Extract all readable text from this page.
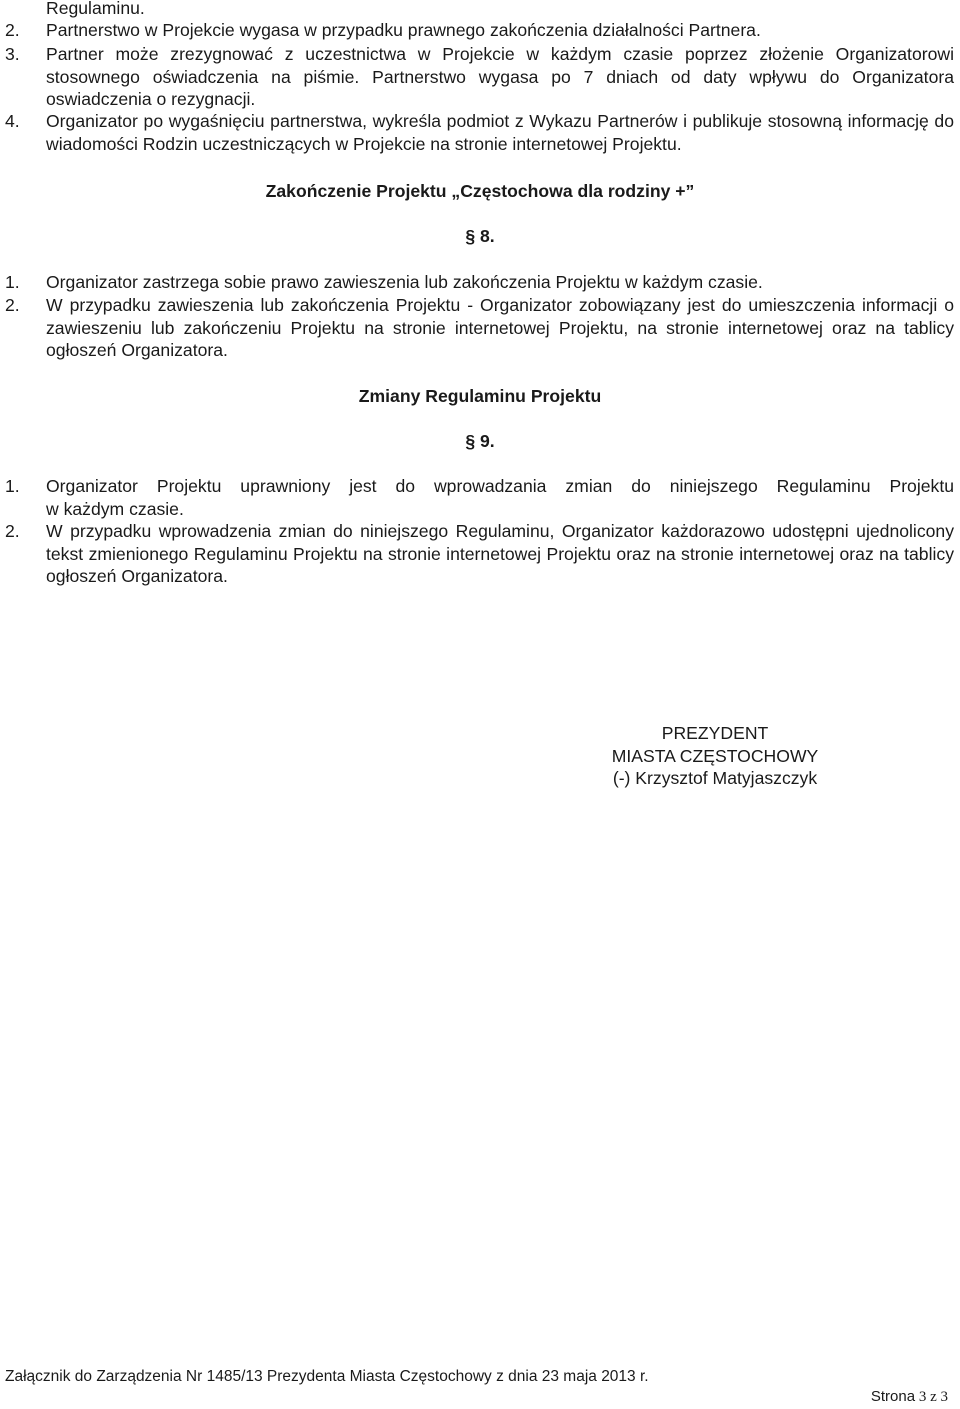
Regulaminu.
2. Partnerstwo w Projekcie wygasa w przypadku prawnego zakończenia działalności Partnera.
3. Partner może zrezygnować z uczestnictwa w Projekcie w każdym czasie poprzez złożenie Organizatorowi stosownego oświadczenia na piśmie. Partnerstwo wygasa po 7 dniach od daty wpływu do Organizatora oswiadczenia o rezygnacji.
4. Organizator po wygaśnięciu partnerstwa, wykreśla podmiot z Wykazu Partnerów i publikuje stosowną informację do wiadomości Rodzin uczestniczących w Projekcie na stronie internetowej Projektu.
Zakończenie Projektu „Częstochowa dla rodziny +”
§ 8.
1. Organizator zastrzega sobie prawo zawieszenia lub zakończenia Projektu w każdym czasie.
2. W przypadku zawieszenia lub zakończenia Projektu - Organizator zobowiązany jest do umieszczenia informacji o zawieszeniu lub zakończeniu Projektu na stronie internetowej Projektu, na stronie internetowej oraz na tablicy ogłoszeń Organizatora.
Zmiany Regulaminu Projektu
§ 9.
1. Organizator Projektu uprawniony jest do wprowadzania zmian do niniejszego Regulaminu Projektu
w każdym czasie.
2. W przypadku wprowadzenia zmian do niniejszego Regulaminu, Organizator każdorazowo udostępni ujednolicony tekst zmienionego Regulaminu Projektu na stronie internetowej Projektu oraz na stronie internetowej oraz na tablicy ogłoszeń Organizatora.
PREZYDENT
MIASTA CZĘSTOCHOWY
(-) Krzysztof Matyjaszczyk
Załącznik do Zarządzenia Nr 1485/13 Prezydenta Miasta Częstochowy z dnia 23 maja 2013 r.
Strona 3 z 3
